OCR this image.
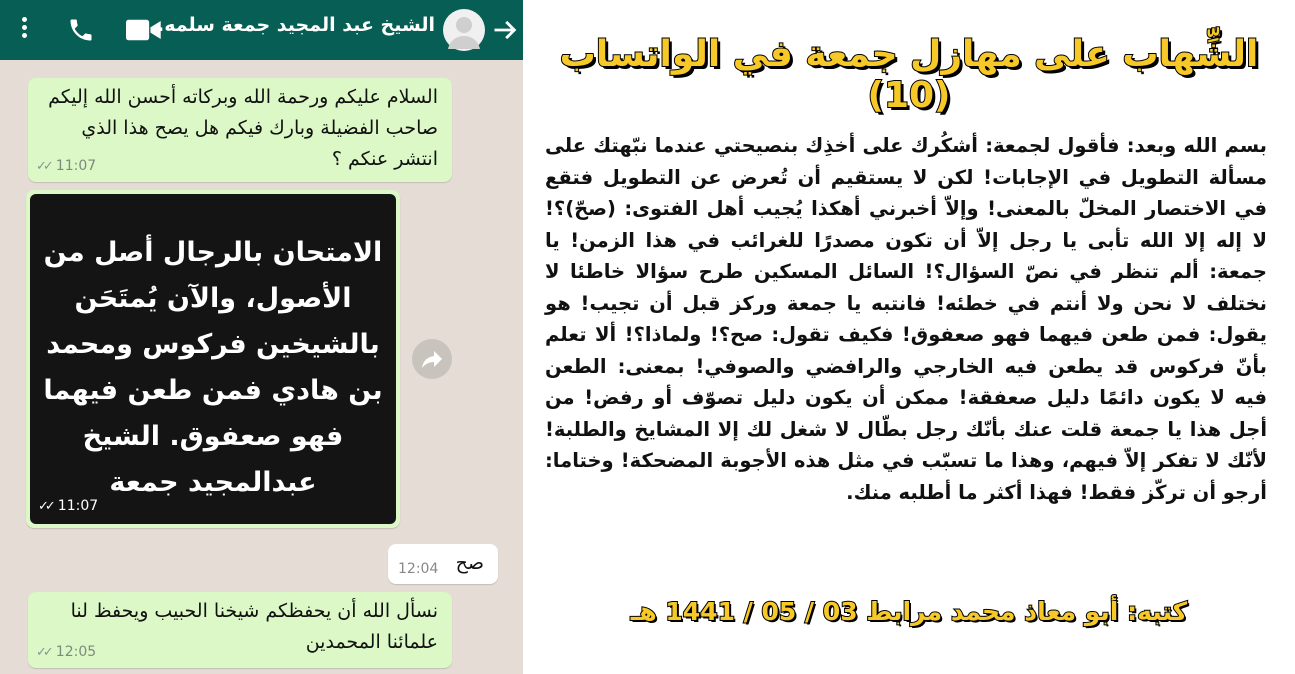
الشيخ عبد المجيد جمعة سلمه...
السلام عليكم ورحمة الله وبركاته أحسن الله إليكم صاحب الفضيلة وبارك فيكم هل يصح هذا الذي انتشر عنكم ؟
✓✓ 11:07
الامتحان بالرجال أصل من الأصول، والآن يُمتَحَن بالشيخين فركوس ومحمد بن هادي فمن طعن فيهما فهو صعفوق. الشيخ عبدالمجيد جمعة
✓✓ 11:07
صح
12:04
نسأل الله أن يحفظكم شيخنا الحبيب ويحفظ لنا علمائنا المحمدين
✓✓ 12:05
الشِّهاب على مهازل جمعة في الواتساب (10)
بسم الله وبعد: فأقول لجمعة: أشكُرك على أخذِك بنصيحتي عندما نبّهتك على مسألة التطويل في الإجابات! لكن لا يستقيم أن تُعرض عن التطويل فتقع في الاختصار المخلّ بالمعنى! وإلاّ أخبرني أهكذا يُجيب أهل الفتوى: (صحّ)؟! لا إله إلا الله تأبى يا رجل إلاّ أن تكون مصدرًا للغرائب في هذا الزمن! يا جمعة: ألم تنظر في نصّ السؤال؟! السائل المسكين طرح سؤالا خاطئا لا نختلف لا نحن ولا أنتم في خطئه! فانتبه يا جمعة وركز قبل أن تجيب! هو يقول: فمن طعن فيهما فهو صعفوق! فكيف تقول: صح؟! ولماذا؟! ألا تعلم بأنّ فركوس قد يطعن فيه الخارجي والرافضي والصوفي! بمعنى: الطعن فيه لا يكون دائمًا دليل صعفقة! ممكن أن يكون دليل تصوّف أو رفض! من أجل هذا يا جمعة قلت عنك بأنّك رجل بطّال لا شغل لك إلا المشايخ والطلبة! لأنّك لا تفكر إلاّ فيهم، وهذا ما تسبّب في مثل هذه الأجوبة المضحكة! وختاما: أرجو أن تركّز فقط! فهذا أكثر ما أطلبه منك.
كتبه: أبو معاذ محمد مرابط 03 / 05 / 1441 هـ
